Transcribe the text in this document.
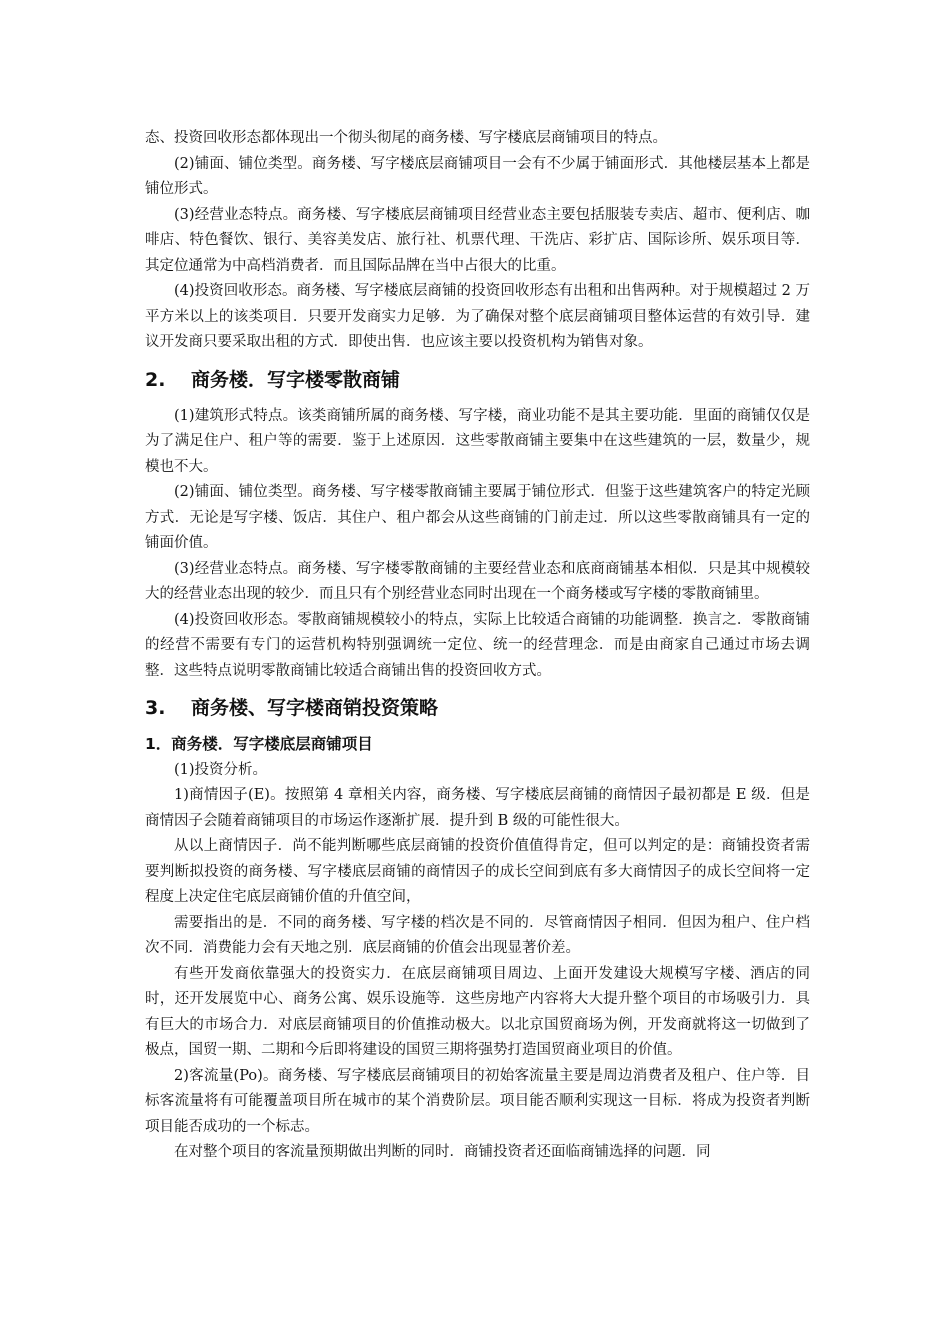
态、投资回收形态都体现出一个彻头彻尾的商务楼、写字楼底层商铺项目的特点。

(2)铺面、铺位类型。商务楼、写字楼底层商铺项目一会有不少属于铺面形式．其他楼层基本上都是铺位形式。

(3)经营业态特点。商务楼、写字楼底层商铺项目经营业态主要包括服装专卖店、超市、便利店、咖啡店、特色餐饮、银行、美容美发店、旅行社、机票代理、干洗店、彩扩店、国际诊所、娱乐项目等．其定位通常为中高档消费者．而且国际品牌在当中占很大的比重。

(4)投资回收形态。商务楼、写字楼底层商铺的投资回收形态有出租和出售两种。对于规模超过 2 万平方米以上的该类项目．只要开发商实力足够．为了确保对整个底层商铺项目整体运营的有效引导．建议开发商只要采取出租的方式．即使出售．也应该主要以投资机构为销售对象。

2. 商务楼．写字楼零散商铺

(1)建筑形式特点。该类商铺所属的商务楼、写字楼，商业功能不是其主要功能．里面的商铺仅仅是为了满足住户、租户等的需要．鉴于上述原因．这些零散商铺主要集中在这些建筑的一层，数量少，规模也不大。

(2)铺面、铺位类型。商务楼、写字楼零散商铺主要属于铺位形式．但鉴于这些建筑客户的特定光顾方式．无论是写字楼、饭店．其住户、租户都会从这些商铺的门前走过．所以这些零散商铺具有一定的铺面价值。

(3)经营业态特点。商务楼、写字楼零散商铺的主要经营业态和底商商铺基本相似．只是其中规模较大的经营业态出现的较少．而且只有个别经营业态同时出现在一个商务楼或写字楼的零散商铺里。

(4)投资回收形态。零散商铺规模较小的特点，实际上比较适合商铺的功能调整．换言之．零散商铺的经营不需要有专门的运营机构特别强调统一定位、统一的经营理念．而是由商家自己通过市场去调整．这些特点说明零散商铺比较适合商铺出售的投资回收方式。

3. 商务楼、写字楼商销投资策略
1．商务楼．写字楼底层商铺项目

(1)投资分析。

1)商情因子(E)。按照第 4 章相关内容，商务楼、写字楼底层商铺的商情因子最初都是 E 级．但是商情因子会随着商铺项目的市场运作逐渐扩展．提升到 B 级的可能性很大。

从以上商情因子．尚不能判断哪些底层商铺的投资价值值得肯定，但可以判定的是：商铺投资者需要判断拟投资的商务楼、写字楼底层商铺的商情因子的成长空间到底有多大商情因子的成长空间将一定程度上决定住宅底层商铺价值的升值空间，

需要指出的是．不同的商务楼、写字楼的档次是不同的．尽管商情因子相同．但因为租户、住户档次不同．消费能力会有天地之别．底层商铺的价值会出现显著价差。

有些开发商依靠强大的投资实力．在底层商铺项目周边、上面开发建设大规模写字楼、酒店的同时，还开发展览中心、商务公寓、娱乐设施等．这些房地产内容将大大提升整个项目的市场吸引力．具有巨大的市场合力．对底层商铺项目的价值推动极大。以北京国贸商场为例，开发商就将这一切做到了极点，国贸一期、二期和今后即将建设的国贸三期将强势打造国贸商业项目的价值。

2)客流量(Po)。商务楼、写字楼底层商铺项目的初始客流量主要是周边消费者及租户、住户等．目标客流量将有可能覆盖项目所在城市的某个消费阶层。项目能否顺利实现这一目标．将成为投资者判断项目能否成功的一个标志。

在对整个项目的客流量预期做出判断的同时．商铺投资者还面临商铺选择的问题．同
